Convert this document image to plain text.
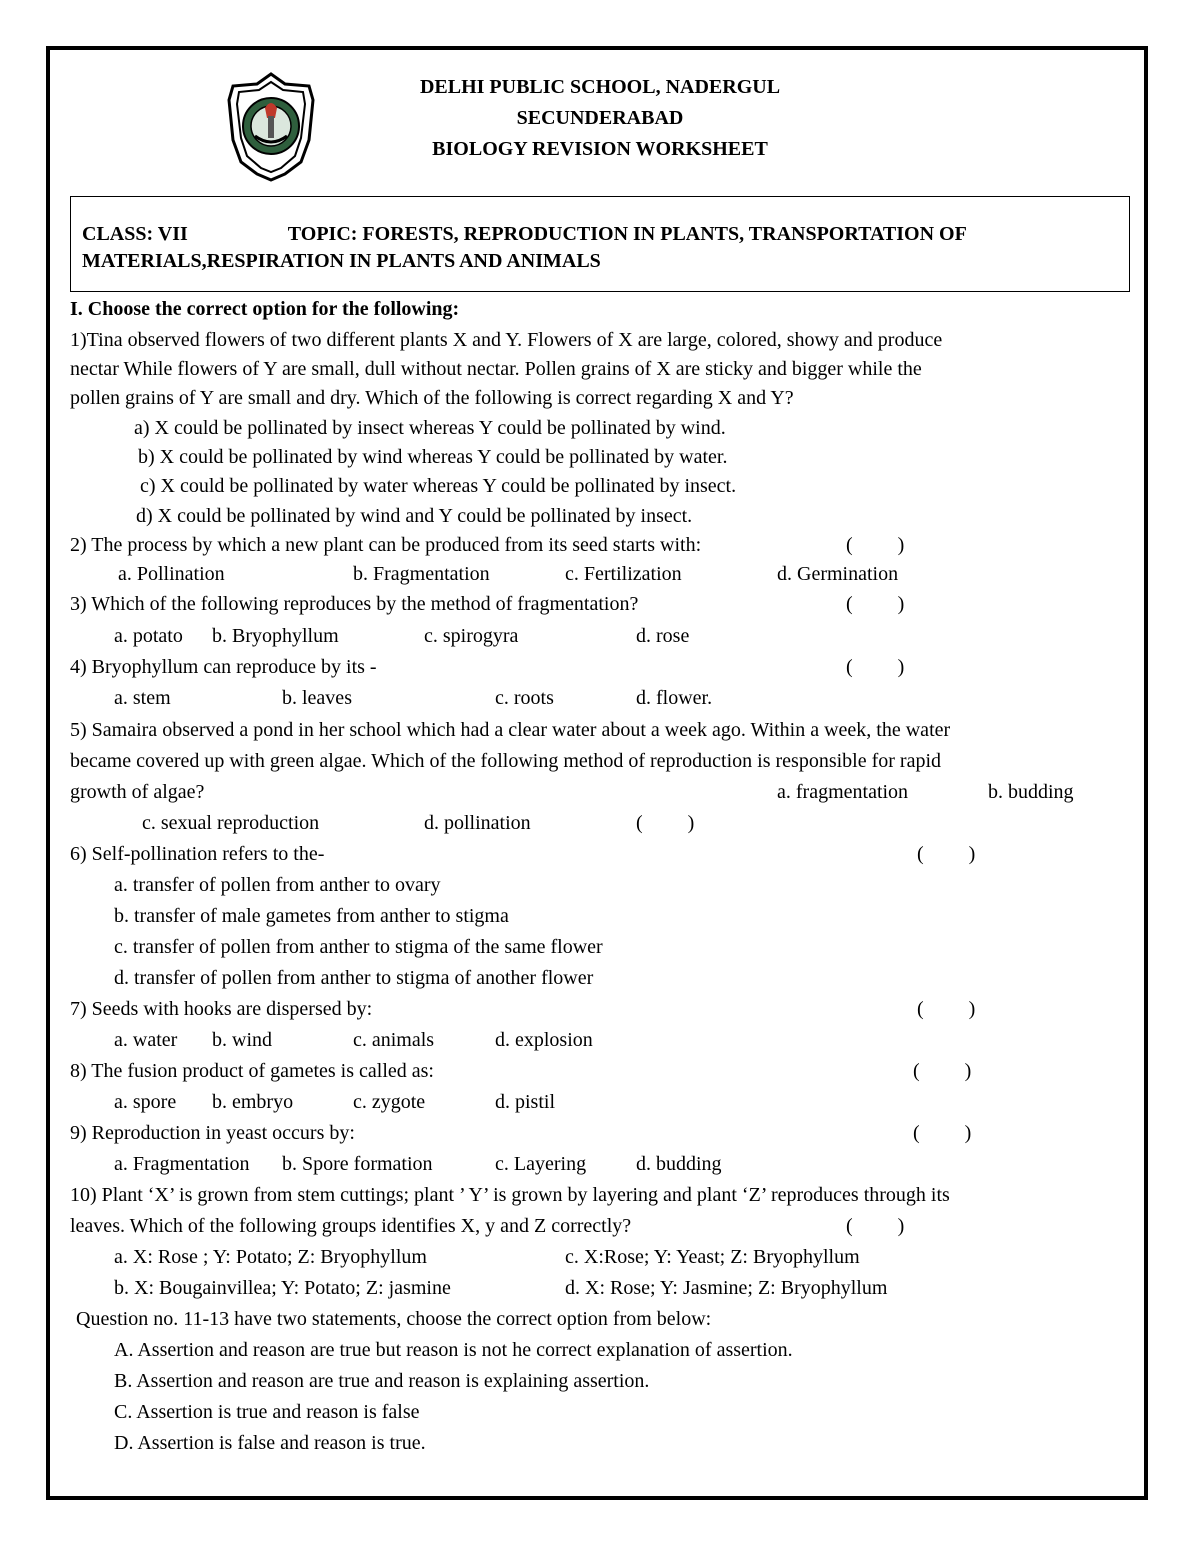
DELHI PUBLIC SCHOOL, NADERGUL
SECUNDERABAD
BIOLOGY REVISION WORKSHEET
CLASS: VII	TOPIC: FORESTS, REPRODUCTION IN PLANTS, TRANSPORTATION OF
MATERIALS,RESPIRATION IN PLANTS AND ANIMALS
I. Choose the correct option for the following:
1)Tina observed flowers of two different plants X and Y. Flowers of X are large, colored, showy and produce
nectar While flowers of Y are small, dull without nectar. Pollen grains of X are sticky and bigger while the
pollen grains of Y are small and dry. Which of the following is correct regarding X and Y?
a) X could be pollinated by insect whereas Y could be pollinated by wind.
b) X could be pollinated by wind whereas Y could be pollinated by water.
c) X could be pollinated by water whereas Y could be pollinated by insect.
d) X could be pollinated by wind and Y could be pollinated by insect.
2) The process by which a new plant can be produced from its seed starts with:	( )
a. Pollination	b. Fragmentation	c. Fertilization	d. Germination
3) Which of the following reproduces by the method of fragmentation?	( )
a. potato b. Bryophyllum	c. spirogyra	d. rose
4) Bryophyllum can reproduce by its -	( )
a. stem	b. leaves	c. roots	d. flower.
5) Samaira observed a pond in her school which had a clear water about a week ago. Within a week, the water
became covered up with green algae. Which of the following method of reproduction is responsible for rapid
growth of algae?	a. fragmentation	b. budding
c. sexual reproduction	d. pollination	( )
6) Self-pollination refers to the-	( )
a. transfer of pollen from anther to ovary
b. transfer of male gametes from anther to stigma
c. transfer of pollen from anther to stigma of the same flower
d. transfer of pollen from anther to stigma of another flower
7) Seeds with hooks are dispersed by:	( )
a. water b. wind	c. animals	d. explosion
8) The fusion product of gametes is called as:	( )
a. spore b. embryo	c. zygote	d. pistil
9) Reproduction in yeast occurs by:	( )
a. Fragmentation b. Spore formation	c. Layering d. budding
10) Plant ‘X’ is grown from stem cuttings; plant ’ Y’ is grown by layering and plant ‘Z’ reproduces through its
leaves. Which of the following groups identifies X, y and Z correctly?	( )
a. X: Rose ; Y: Potato; Z: Bryophyllum	c. X:Rose; Y: Yeast; Z: Bryophyllum
b. X: Bougainvillea; Y: Potato; Z: jasmine	d. X: Rose; Y: Jasmine; Z: Bryophyllum
Question no. 11-13 have two statements, choose the correct option from below:
A. Assertion and reason are true but reason is not he correct explanation of assertion.
B. Assertion and reason are true and reason is explaining assertion.
C. Assertion is true and reason is false
D. Assertion is false and reason is true.
